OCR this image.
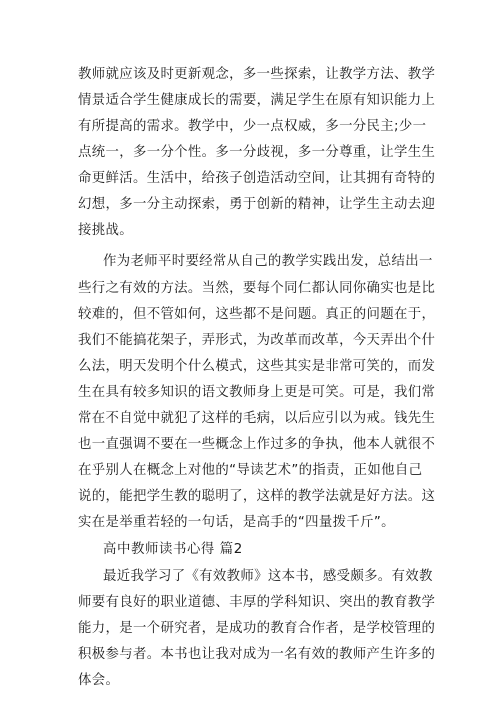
教师就应该及时更新观念，多一些探索，让教学方法、教学
情景适合学生健康成长的需要，满足学生在原有知识能力上
有所提高的需求。教学中，少一点权威，多一分民主;少一
点统一，多一分个性。多一分歧视，多一分尊重，让学生生
命更鲜活。生活中，给孩子创造活动空间，让其拥有奇特的
幻想，多一分主动探索，勇于创新的精神，让学生主动去迎
接挑战。
作为老师平时要经常从自己的教学实践出发，总结出一
些行之有效的方法。当然，要每个同仁都认同你确实也是比
较难的，但不管如何，这些都不是问题。真正的问题在于，
我们不能搞花架子，弄形式，为改革而改革，今天弄出个什
么法，明天发明个什么模式，这些其实是非常可笑的，而发
生在具有较多知识的语文教师身上更是可笑。可是，我们常
常在不自觉中就犯了这样的毛病，以后应引以为戒。钱先生
也一直强调不要在一些概念上作过多的争执，他本人就很不
在乎别人在概念上对他的“导读艺术”的指责，正如他自己
说的，能把学生教的聪明了，这样的教学法就是好方法。这
实在是举重若轻的一句话，是高手的“四量拨千斤”。
高中教师读书心得 篇2
最近我学习了《有效教师》这本书，感受颇多。有效教
师要有良好的职业道德、丰厚的学科知识、突出的教育教学
能力，是一个研究者，是成功的教育合作者，是学校管理的
积极参与者。本书也让我对成为一名有效的教师产生许多的
体会。
